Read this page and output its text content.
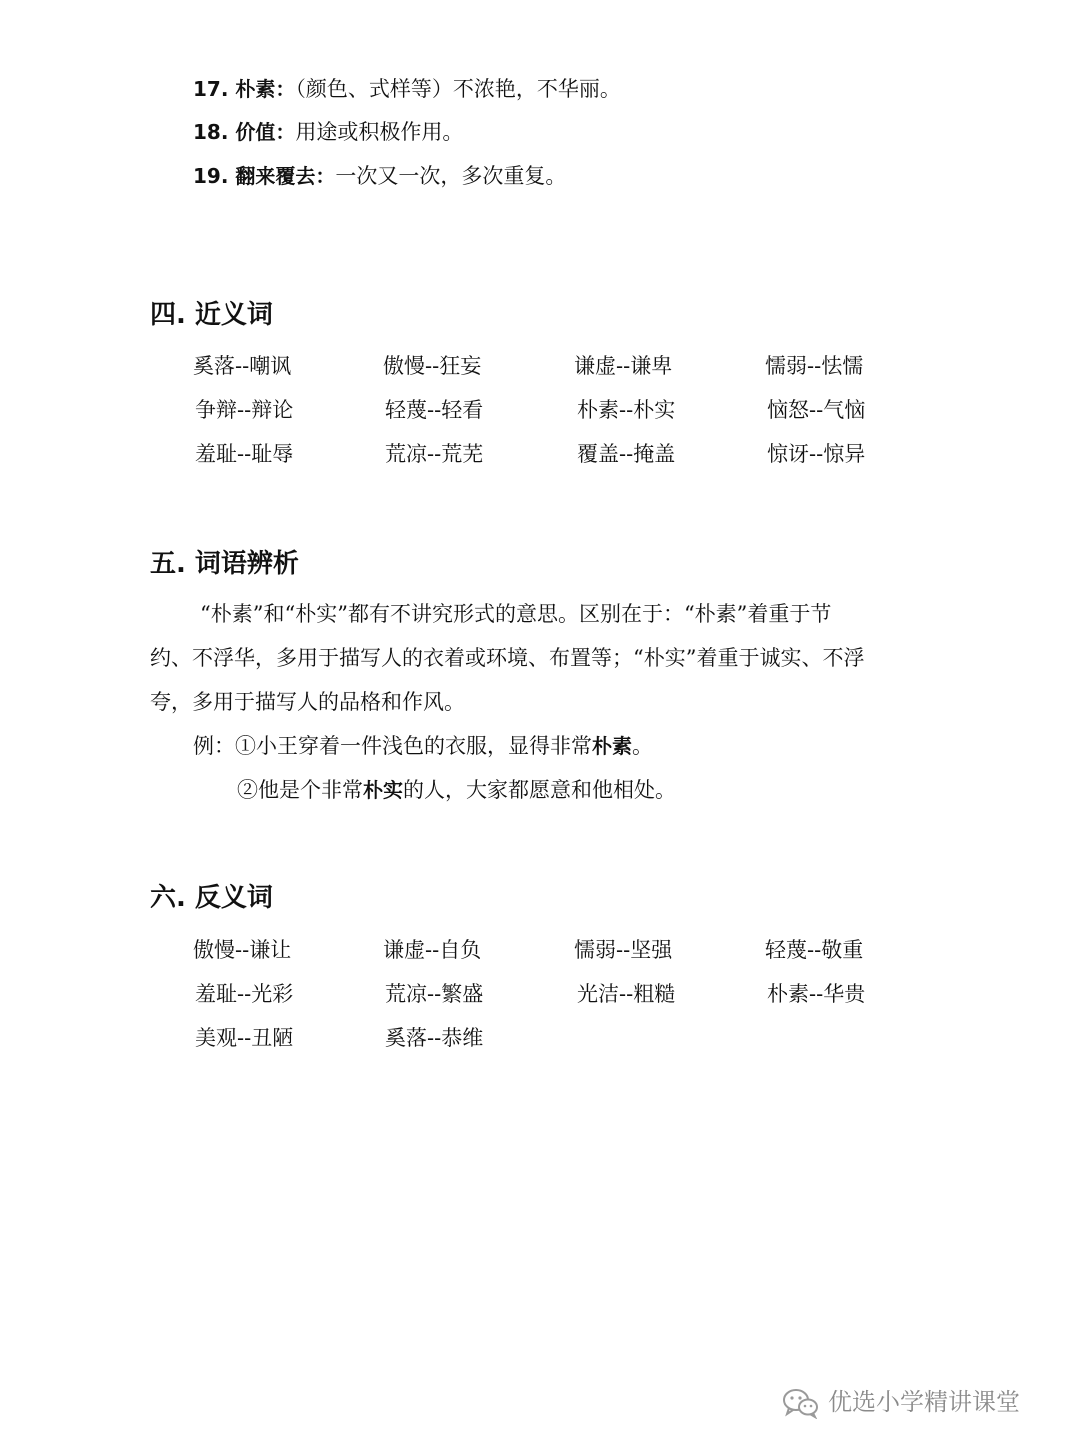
17. 朴素：（颜色、式样等）不浓艳，不华丽。
18. 价值：用途或积极作用。
19. 翻来覆去：一次又一次，多次重复。
四. 近义词
奚落--嘲讽	傲慢--狂妄	谦虚--谦卑	懦弱--怯懦
争辩--辩论	轻蔑--轻看	朴素--朴实	恼怒--气恼
羞耻--耻辱	荒凉--荒芜	覆盖--掩盖	惊讶--惊异
五. 词语辨析
“朴素”和“朴实”都有不讲究形式的意思。区别在于：“朴素”着重于节
约、不浮华，多用于描写人的衣着或环境、布置等；“朴实”着重于诚实、不浮
夸，多用于描写人的品格和作风。
例：①小王穿着一件浅色的衣服，显得非常朴素。
②他是个非常朴实的人，大家都愿意和他相处。
六. 反义词
傲慢--谦让	谦虚--自负	懦弱--坚强	轻蔑--敬重
羞耻--光彩	荒凉--繁盛	光洁--粗糙	朴素--华贵
美观--丑陋	奚落--恭维
优选小学精讲课堂
